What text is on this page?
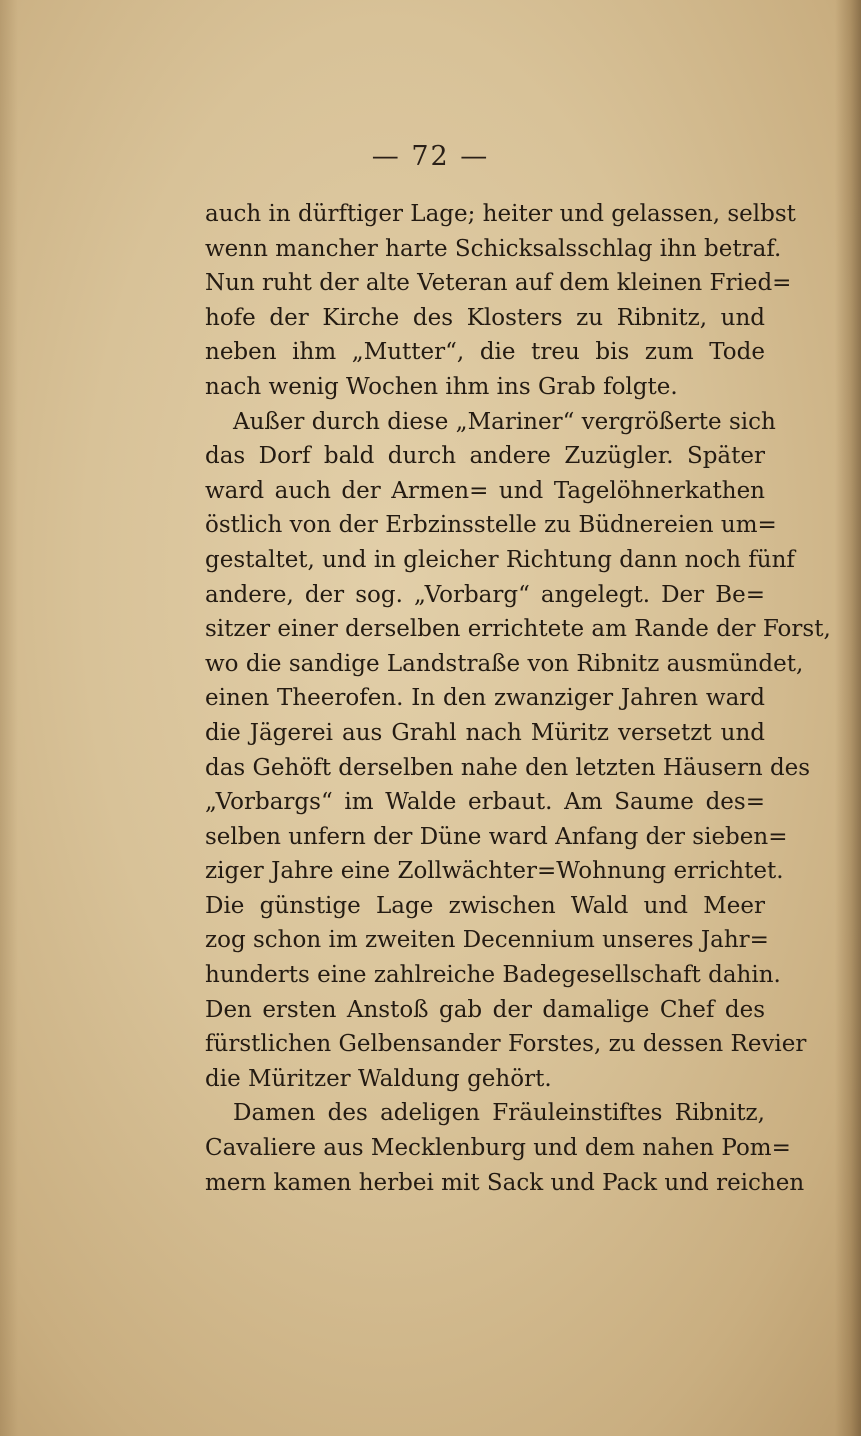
— 72 —
auch in dürftiger Lage; heiter und gelassen, selbst
wenn mancher harte Schicksalsschlag ihn betraf.
Nun ruht der alte Veteran auf dem kleinen Fried=
hofe der Kirche des Klosters zu Ribnitz, und
neben ihm „Mutter“, die treu bis zum Tode
nach wenig Wochen ihm ins Grab folgte.
Außer durch diese „Mariner“ vergrößerte sich
das Dorf bald durch andere Zuzügler. Später
ward auch der Armen= und Tagelöhnerkathen
östlich von der Erbzinsstelle zu Büdnereien um=
gestaltet, und in gleicher Richtung dann noch fünf
andere, der sog. „Vorbarg“ angelegt. Der Be=
sitzer einer derselben errichtete am Rande der Forst,
wo die sandige Landstraße von Ribnitz ausmündet,
einen Theerofen. In den zwanziger Jahren ward
die Jägerei aus Grahl nach Müritz versetzt und
das Gehöft derselben nahe den letzten Häusern des
„Vorbargs“ im Walde erbaut. Am Saume des=
selben unfern der Düne ward Anfang der sieben=
ziger Jahre eine Zollwächter=Wohnung errichtet.
Die günstige Lage zwischen Wald und Meer
zog schon im zweiten Decennium unseres Jahr=
hunderts eine zahlreiche Badegesellschaft dahin.
Den ersten Anstoß gab der damalige Chef des
fürstlichen Gelbensander Forstes, zu dessen Revier
die Müritzer Waldung gehört.
Damen des adeligen Fräuleinstiftes Ribnitz,
Cavaliere aus Mecklenburg und dem nahen Pom=
mern kamen herbei mit Sack und Pack und reichen
